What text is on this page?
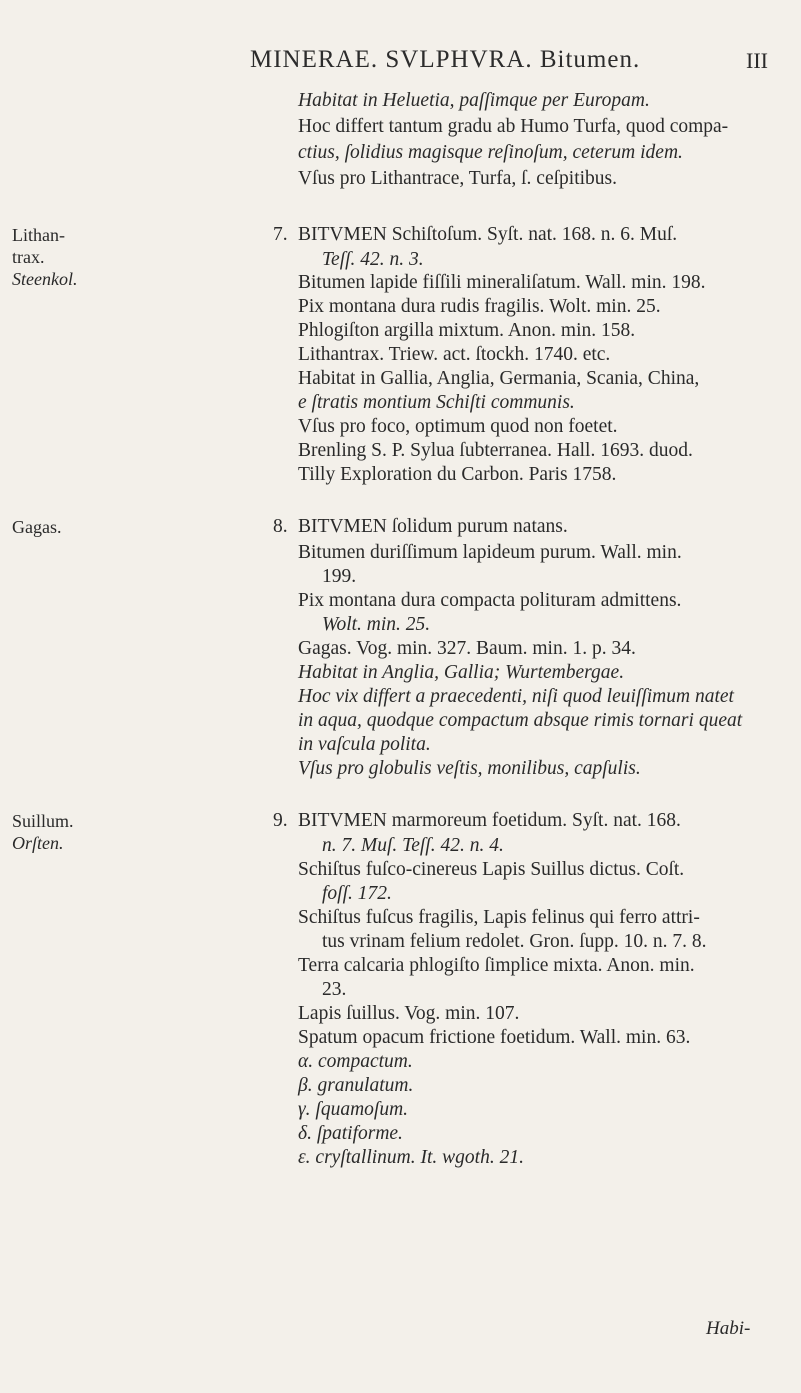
MINERAE. SVLPHVRA. Bitumen.	III
Habitat in Heluetia, paſſimque per Europam.
Hoc differt tantum gradu ab Humo Turfa, quod compa-
ctius, ſolidius magisque reſinoſum, ceterum idem.
Vſus pro Lithantrace, Turfa, ſ. ceſpitibus.
Lithan-
trax.
Steenkol.
7. BITVMEN Schiſtoſum. Syſt. nat. 168. n. 6. Muſ.
Teſſ. 42. n. 3.
Bitumen lapide fiſſili mineraliſatum. Wall. min. 198.
Pix montana dura rudis fragilis. Wolt. min. 25.
Phlogiſton argilla mixtum. Anon. min. 158.
Lithantrax. Triew. act. ſtockh. 1740. etc.
Habitat in Gallia, Anglia, Germania, Scania, China,
e ſtratis montium Schiſti communis.
Vſus pro foco, optimum quod non foetet.
Brenling S. P. Sylua ſubterranea. Hall. 1693. duod.
Tilly Exploration du Carbon. Paris 1758.
Gagas.	8. BITVMEN ſolidum purum natans.
Bitumen duriſſimum lapideum purum. Wall. min.
199.
Pix montana dura compacta polituram admittens.
Wolt. min. 25.
Gagas. Vog. min. 327. Baum. min. 1. p. 34.
Habitat in Anglia, Gallia; Wurtembergae.
Hoc vix differt a praecedenti, niſi quod leuiſſimum natet
in aqua, quodque compactum absque rimis tornari queat
in vaſcula polita.
Vſus pro globulis veſtis, monilibus, capſulis.
Suillum.
Orſten.
9. BITVMEN marmoreum foetidum. Syſt. nat. 168.
n. 7. Muſ. Teſſ. 42. n. 4.
Schiſtus fuſco-cinereus Lapis Suillus dictus. Coſt.
foſſ. 172.
Schiſtus fuſcus fragilis, Lapis felinus qui ferro attri-
tus vrinam felium redolet. Gron. ſupp. 10. n. 7. 8.
Terra calcaria phlogiſto ſimplice mixta. Anon. min.
23.
Lapis ſuillus. Vog. min. 107.
Spatum opacum frictione foetidum. Wall. min. 63.
α. compactum.
β. granulatum.
γ. ſquamoſum.
δ. ſpatiforme.
ε. cryſtallinum. It. wgoth. 21.
Habi-
